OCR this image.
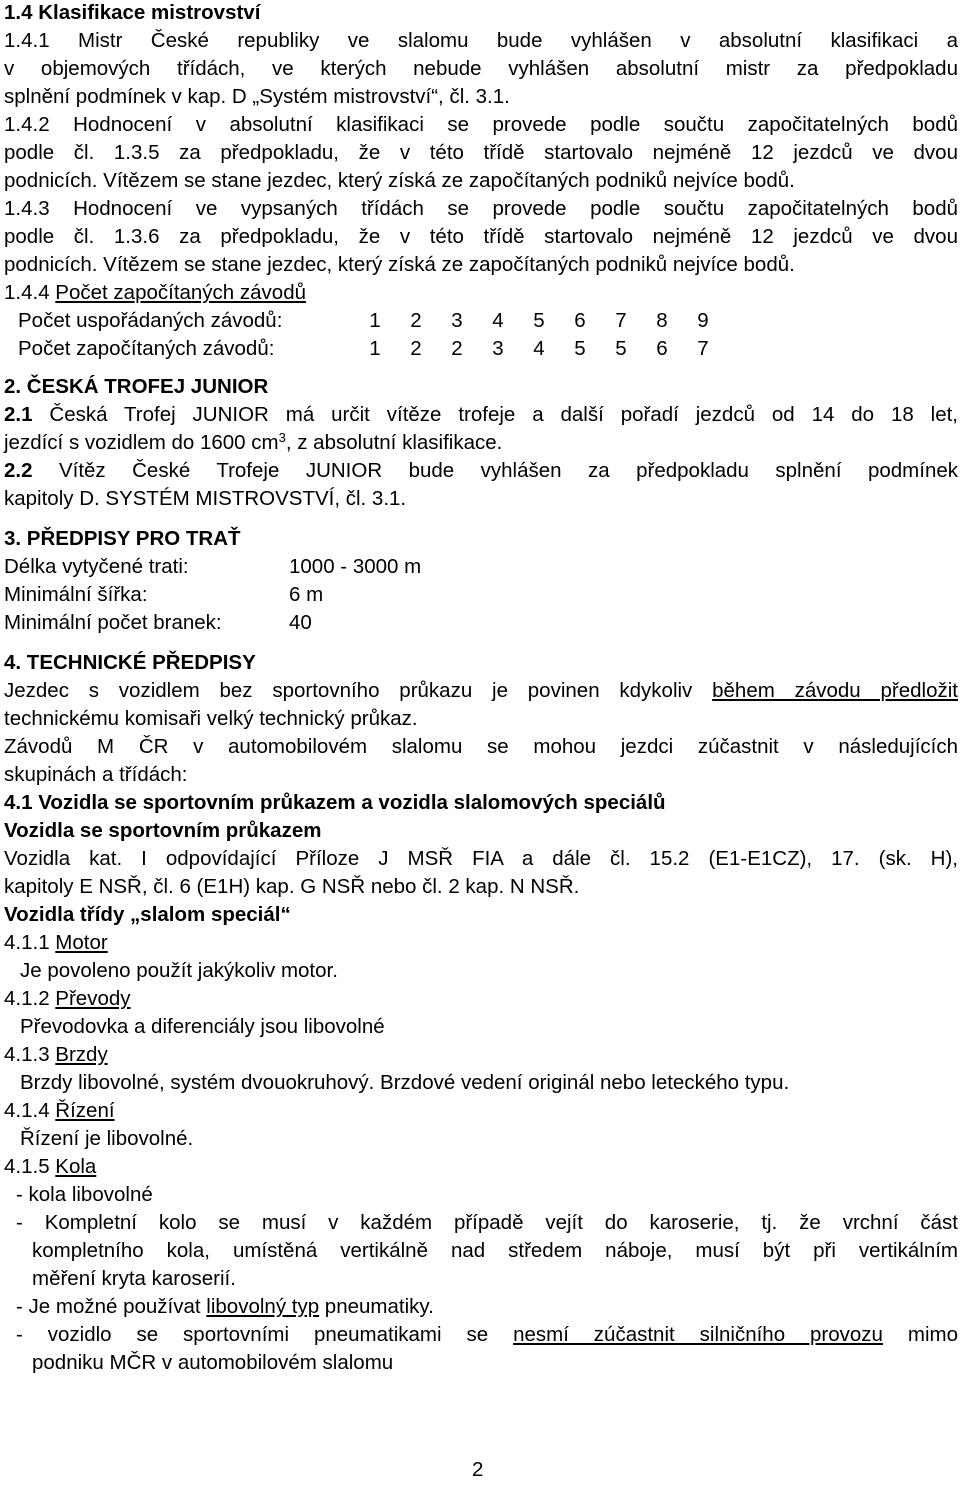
1.4 Klasifikace mistrovství
1.4.1 Mistr České republiky ve slalomu bude vyhlášen v absolutní klasifikaci a
v objemových třídách, ve kterých nebude vyhlášen absolutní mistr za předpokladu
splnění podmínek v kap. D „Systém mistrovství“, čl. 3.1.
1.4.2 Hodnocení v absolutní klasifikaci se provede podle součtu započitatelných bodů
podle čl. 1.3.5 za předpokladu, že v této třídě startovalo nejméně 12 jezdců ve dvou
podnicích. Vítězem se stane jezdec, který získá ze započítaných podniků nejvíce bodů.
1.4.3 Hodnocení ve vypsaných třídách se provede podle součtu započitatelných bodů
podle čl. 1.3.6 za předpokladu, že v této třídě startovalo nejméně 12 jezdců ve dvou
podnicích. Vítězem se stane jezdec, který získá ze započítaných podniků nejvíce bodů.
1.4.4 Počet započítaných závodů
Počet uspořádaných závodů:	1 2 3 4 5 6 7 8 9
Počet započítaných závodů:	1 2 2 3 4 5 5 6 7
2. ČESKÁ TROFEJ JUNIOR
2.1 Česká Trofej JUNIOR má určit vítěze trofeje a další pořadí jezdců od 14 do 18 let,
jezdící s vozidlem do 1600 $cm^3$, z absolutní klasifikace.
2.2 Vítěz České Trofeje JUNIOR bude vyhlášen za předpokladu splnění podmínek
kapitoly D. SYSTÉM MISTROVSTVÍ, čl. 3.1.
3. PŘEDPISY PRO TRAŤ
Délka vytyčené trati:	1000 - 3000 m
Minimální šířka:	6 m
Minimální počet branek:	40
4. TECHNICKÉ PŘEDPISY
Jezdec s vozidlem bez sportovního průkazu je povinen kdykoliv během závodu předložit
technickému komisaři velký technický průkaz.
Závodů M ČR v automobilovém slalomu se mohou jezdci zúčastnit v následujících
skupinách a třídách:
4.1 Vozidla se sportovním průkazem a vozidla slalomových speciálů
Vozidla se sportovním průkazem
Vozidla kat. I odpovídající Příloze J MSŘ FIA a dále čl. 15.2 (E1-E1CZ), 17. (sk. H),
kapitoly E NSŘ, čl. 6 (E1H) kap. G NSŘ nebo čl. 2 kap. N NSŘ.
Vozidla třídy „slalom speciál“
4.1.1 Motor
Je povoleno použít jakýkoliv motor.
4.1.2 Převody
Převodovka a diferenciály jsou libovolné
4.1.3 Brzdy
Brzdy libovolné, systém dvouokruhový. Brzdové vedení originál nebo leteckého typu.
4.1.4 Řízení
Řízení je libovolné.
4.1.5 Kola
- kola libovolné
- Kompletní kolo se musí v každém případě vejít do karoserie, tj. že vrchní část
kompletního kola, umístěná vertikálně nad středem náboje, musí být při vertikálním
měření kryta karoserií.
- Je možné používat libovolný typ pneumatiky.
- vozidlo se sportovními pneumatikami se nesmí zúčastnit silničního provozu mimo
podniku MČR v automobilovém slalomu
2
